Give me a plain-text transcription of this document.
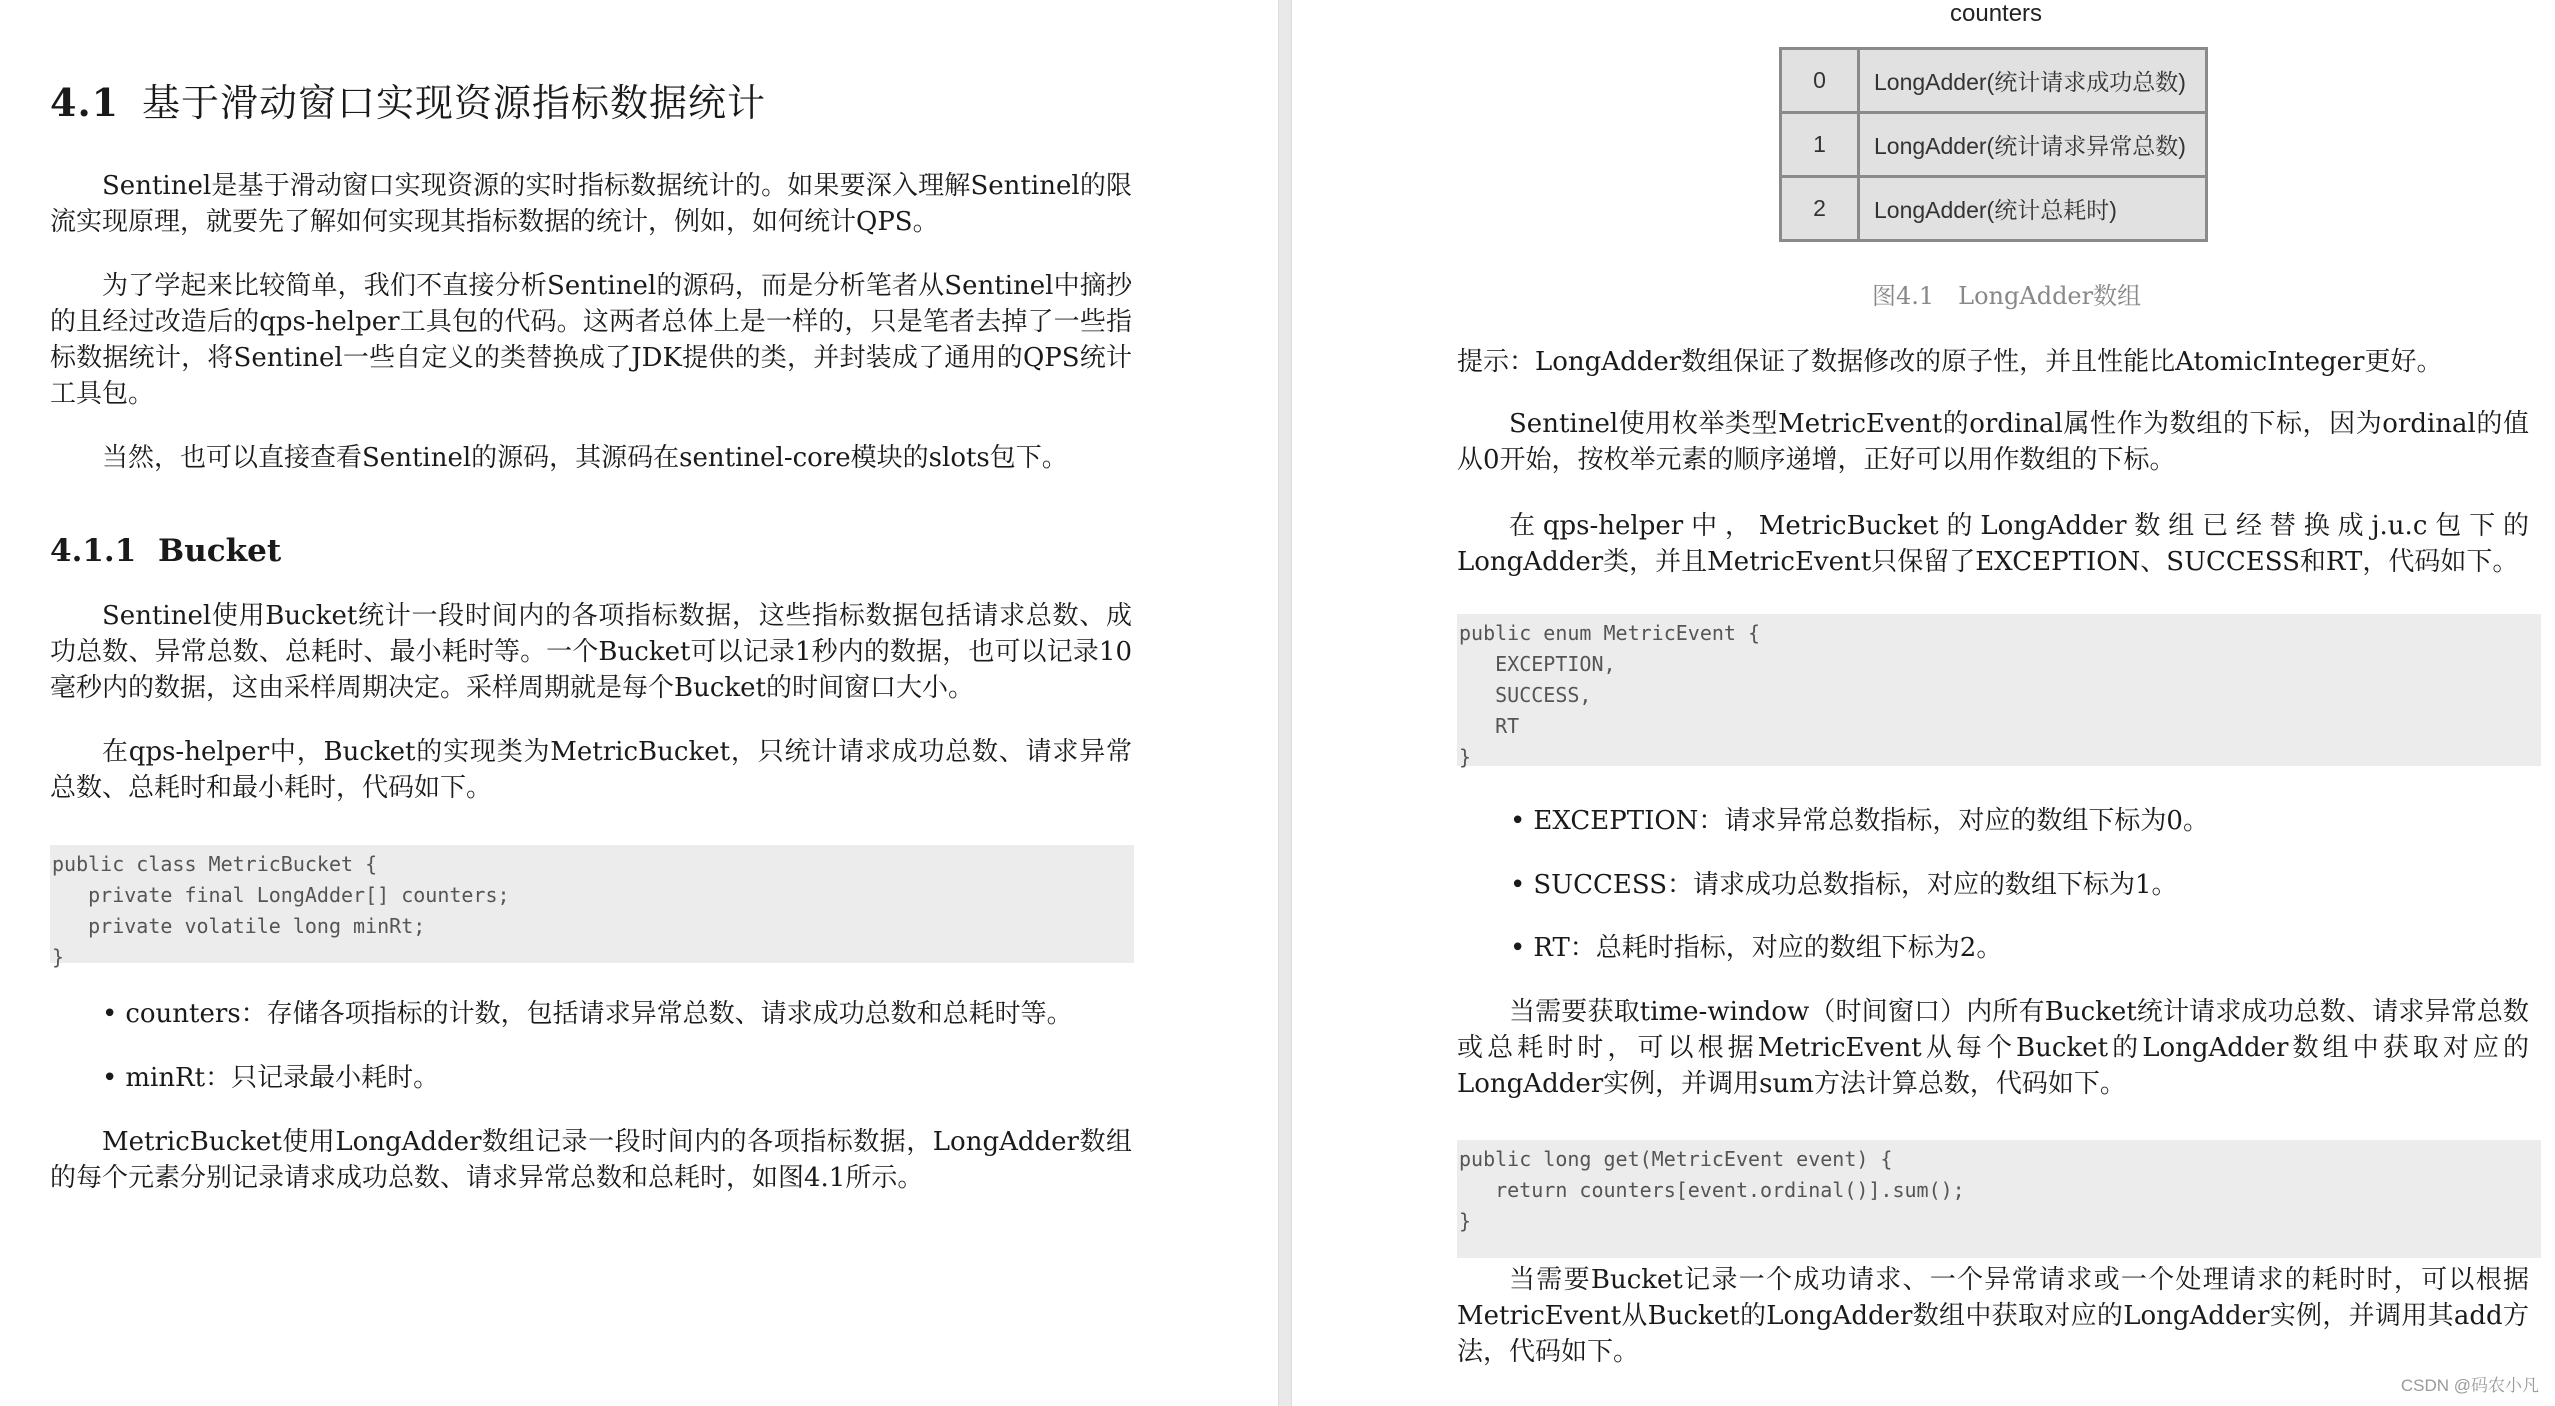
4.1 基于滑动窗口实现资源指标数据统计

Sentinel是基于滑动窗口实现资源的实时指标数据统计的。如果要深入理解Sentinel的限流实现原理，就要先了解如何实现其指标数据的统计，例如，如何统计QPS。

为了学起来比较简单，我们不直接分析Sentinel的源码，而是分析笔者从Sentinel中摘抄的且经过改造后的qps-helper工具包的代码。这两者总体上是一样的，只是笔者去掉了一些指标数据统计，将Sentinel一些自定义的类替换成了JDK提供的类，并封装成了通用的QPS统计工具包。

当然，也可以直接查看Sentinel的源码，其源码在sentinel-core模块的slots包下。

4.1.1 Bucket

Sentinel使用Bucket统计一段时间内的各项指标数据，这些指标数据包括请求总数、成功总数、异常总数、总耗时、最小耗时等。一个Bucket可以记录1秒内的数据，也可以记录10毫秒内的数据，这由采样周期决定。采样周期就是每个Bucket的时间窗口大小。

在qps-helper中，Bucket的实现类为MetricBucket，只统计请求成功总数、请求异常总数、总耗时和最小耗时，代码如下。

public class MetricBucket {
private final LongAdder[] counters;
private volatile long minRt;
}
• counters：存储各项指标的计数，包括请求异常总数、请求成功总数和总耗时等。
• minRt：只记录最小耗时。

MetricBucket使用LongAdder数组记录一段时间内的各项指标数据，LongAdder数组的每个元素分别记录请求成功总数、请求异常总数和总耗时，如图4.1所示。

counters
0	LongAdder(统计请求成功总数)
1	LongAdder(统计请求异常总数)
2	LongAdder(统计总耗时)
图4.1　LongAdder数组

提示：LongAdder数组保证了数据修改的原子性，并且性能比AtomicInteger更好。

Sentinel使用枚举类型MetricEvent的ordinal属性作为数组的下标，因为ordinal的值从0开始，按枚举元素的顺序递增，正好可以用作数组的下标。

在qps-helper中，MetricBucket的LongAdder数组已经替换成j.u.c包下的LongAdder类，并且MetricEvent只保留了EXCEPTION、SUCCESS和RT，代码如下。

public enum MetricEvent {
EXCEPTION,
SUCCESS,
RT
}
• EXCEPTION：请求异常总数指标，对应的数组下标为0。
• SUCCESS：请求成功总数指标，对应的数组下标为1。
• RT：总耗时指标，对应的数组下标为2。

当需要获取time-window（时间窗口）内所有Bucket统计请求成功总数、请求异常总数或总耗时时，可以根据MetricEvent从每个Bucket的LongAdder数组中获取对应的LongAdder实例，并调用sum方法计算总数，代码如下。

public long get(MetricEvent event) {
return counters[event.ordinal()].sum();
}

当需要Bucket记录一个成功请求、一个异常请求或一个处理请求的耗时时，可以根据MetricEvent从Bucket的LongAdder数组中获取对应的LongAdder实例，并调用其add方法，代码如下。

CSDN @码农小凡
